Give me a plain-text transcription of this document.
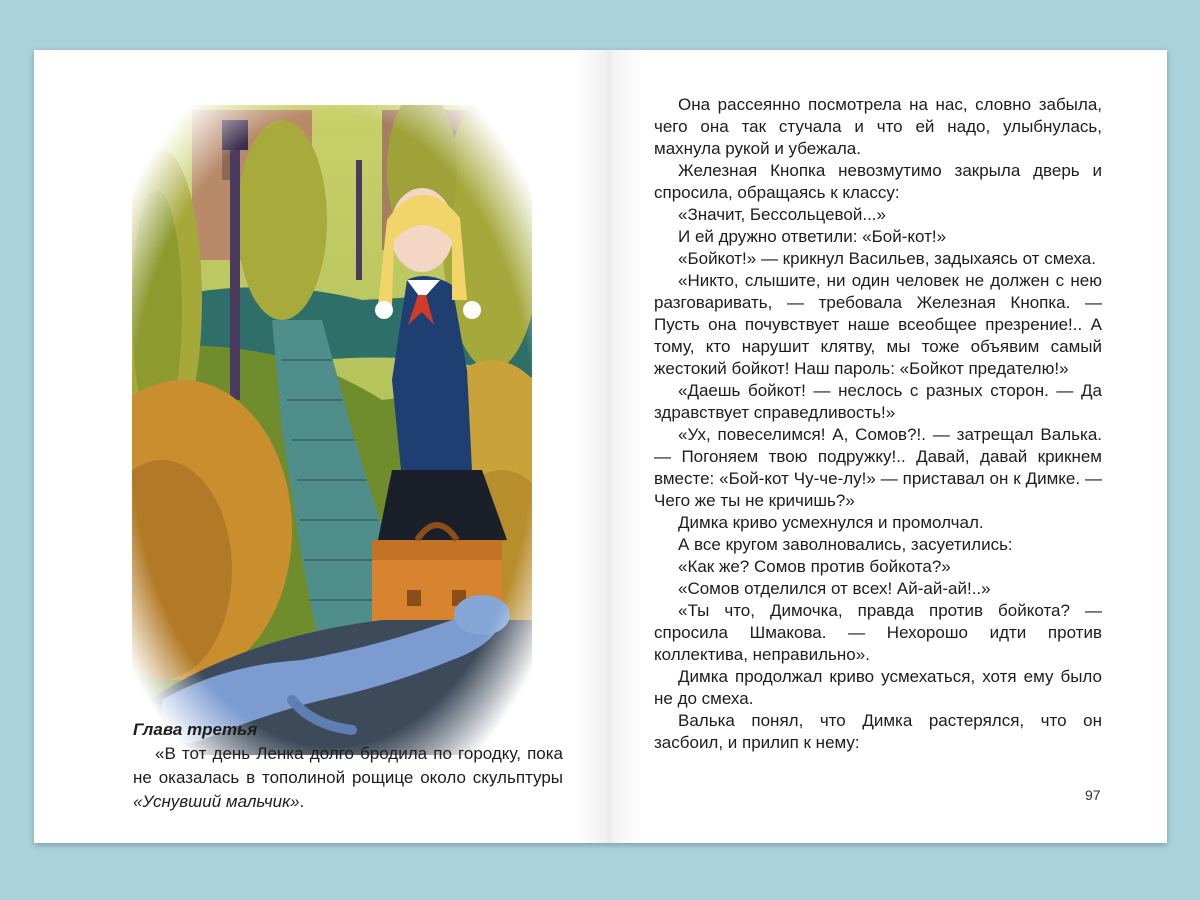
Глава третья

«В тот день Ленка долго бродила по городку, пока не оказалась в тополиной рощице около скульптуры «Уснувший мальчик».

Она рассеянно посмотрела на нас, словно забыла, чего она так стучала и что ей надо, улыбнулась, махнула рукой и убежала.

Железная Кнопка невозмутимо закрыла дверь и спросила, обращаясь к классу:

«Значит, Бессольцевой...»

И ей дружно ответили: «Бой-кот!»

«Бойкот!» — крикнул Васильев, задыхаясь от смеха.

«Никто, слышите, ни один человек не должен с нею разговаривать, — требовала Железная Кнопка. — Пусть она почувствует наше всеобщее презрение!.. А тому, кто нарушит клятву, мы тоже объявим самый жестокий бойкот! Наш пароль: «Бойкот предателю!»

«Даешь бойкот! — неслось с разных сторон. — Да здравствует справедливость!»

«Ух, повеселимся! А, Сомов?!. — затрещал Валька. — Погоняем твою подружку!.. Давай, давай крикнем вместе: «Бой-кот Чу-че-лу!» — приставал он к Димке. — Чего же ты не кричишь?»

Димка криво усмехнулся и промолчал.

А все кругом заволновались, засуетились:

«Как же? Сомов против бойкота?»

«Сомов отделился от всех! Ай-ай-ай!..»

«Ты что, Димочка, правда против бойкота? — спросила Шмакова. — Нехорошо идти против коллектива, неправильно».

Димка продолжал криво усмехаться, хотя ему было не до смеха.

Валька понял, что Димка растерялся, что он засбоил, и прилип к нему:

97
